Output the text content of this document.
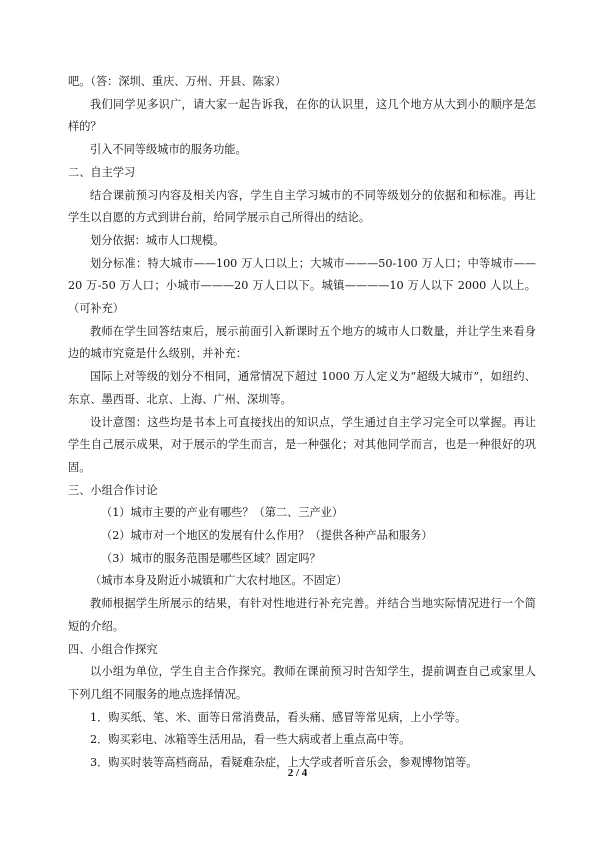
吧。（答：深圳、重庆、万州、开县、陈家）

我们同学见多识广，请大家一起告诉我，在你的认识里，这几个地方从大到小的顺序是怎样的？

引入不同等级城市的服务功能。

二、自主学习

结合课前预习内容及相关内容，学生自主学习城市的不同等级划分的依据和和标准。再让学生以自愿的方式到讲台前，给同学展示自己所得出的结论。

划分依据：城市人口规模。

划分标准：特大城市——100 万人口以上；大城市———50-100 万人口；中等城市——20 万-50 万人口；小城市———20 万人口以下。城镇————10 万人以下 2000 人以上。（可补充）

教师在学生回答结束后，展示前面引入新课时五个地方的城市人口数量，并让学生来看身边的城市究竟是什么级别，并补充：

国际上对等级的划分不相同，通常情况下超过 1000 万人定义为“超级大城市”，如纽约、东京、墨西哥、北京、上海、广州、深圳等。

设计意图：这些均是书本上可直接找出的知识点，学生通过自主学习完全可以掌握。再让学生自己展示成果，对于展示的学生而言，是一种强化；对其他同学而言，也是一种很好的巩固。

三、小组合作讨论

（1）城市主要的产业有哪些？（第二、三产业）

（2）城市对一个地区的发展有什么作用？（提供各种产品和服务）

（3）城市的服务范围是哪些区域？固定吗？

（城市本身及附近小城镇和广大农村地区。不固定）

教师根据学生所展示的结果，有针对性地进行补充完善。并结合当地实际情况进行一个简短的介绍。

四、小组合作探究

以小组为单位，学生自主合作探究。教师在课前预习时告知学生，提前调查自己或家里人下列几组不同服务的地点选择情况。

1．购买纸、笔、米、面等日常消费品，看头痛、感冒等常见病，上小学等。

2．购买彩电、冰箱等生活用品，看一些大病或者上重点高中等。

3．购买时装等高档商品，看疑难杂症，上大学或者听音乐会，参观博物馆等。

2 / 4
